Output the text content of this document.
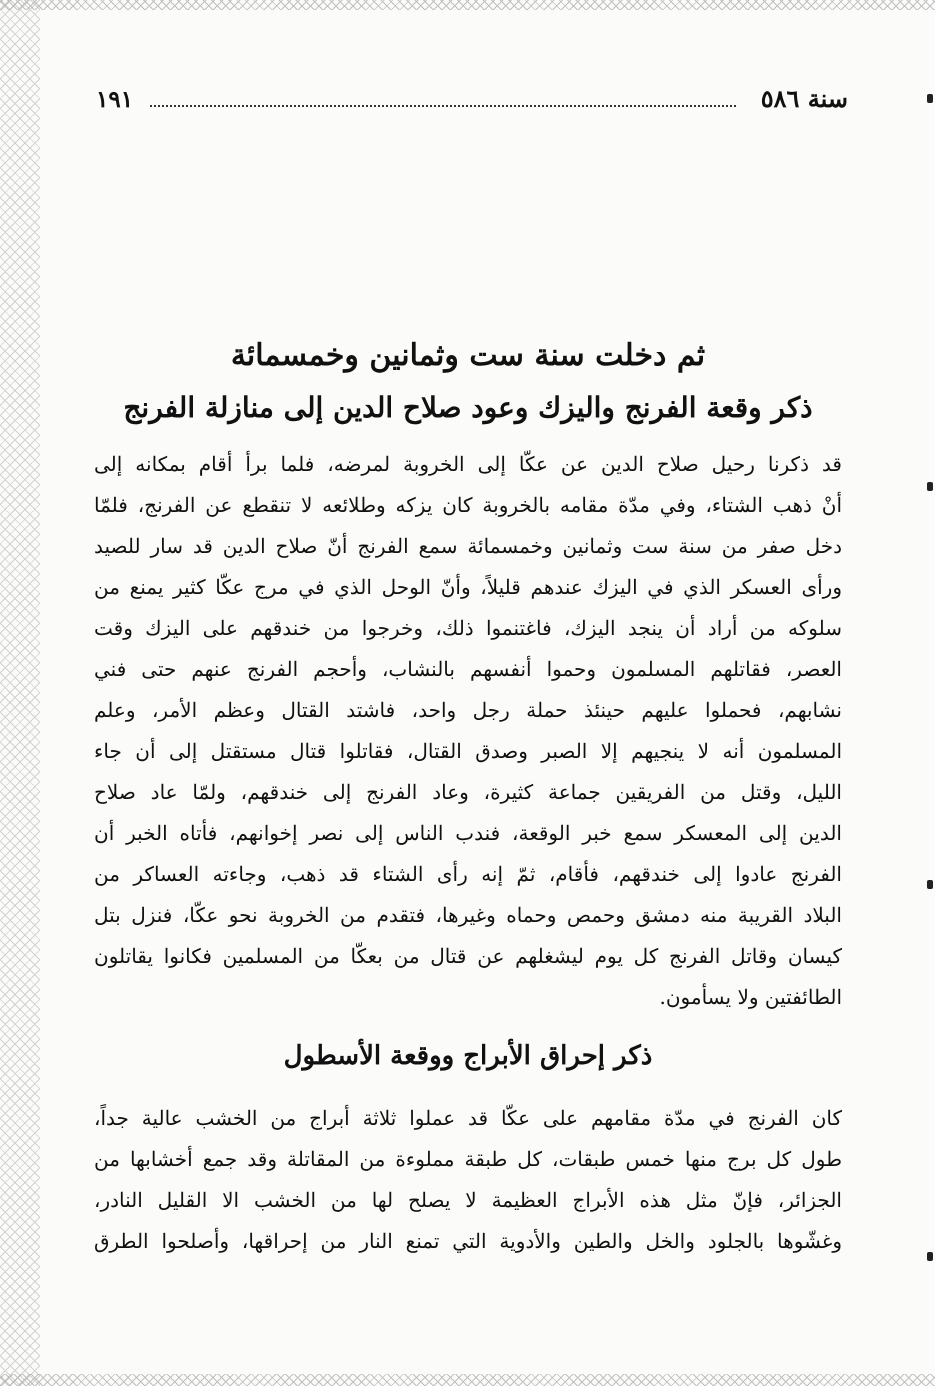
١٩١	سنة ٥٨٦
ثم دخلت سنة ست وثمانين وخمسمائة
ذكر وقعة الفرنج واليزك وعود صلاح الدين إلى منازلة الفرنج

قد ذكرنا رحيل صلاح الدين عن عكّا إلى الخروبة لمرضه، فلما برأ أقام بمكانه إلى
أنْ ذهب الشتاء، وفي مدّة مقامه بالخروبة كان يزكه وطلائعه لا تنقطع عن الفرنج، فلمّا
دخل صفر من سنة ست وثمانين وخمسمائة سمع الفرنج أنّ صلاح الدين قد سار للصيد
ورأى العسكر الذي في اليزك عندهم قليلاً، وأنّ الوحل الذي في مرج عكّا كثير يمنع من
سلوكه من أراد أن ينجد اليزك، فاغتنموا ذلك، وخرجوا من خندقهم على اليزك وقت
العصر، فقاتلهم المسلمون وحموا أنفسهم بالنشاب، وأحجم الفرنج عنهم حتى فني
نشابهم، فحملوا عليهم حينئذ حملة رجل واحد، فاشتد القتال وعظم الأمر، وعلم
المسلمون أنه لا ينجيهم إلا الصبر وصدق القتال، فقاتلوا قتال مستقتل إلى أن جاء
الليل، وقتل من الفريقين جماعة كثيرة، وعاد الفرنج إلى خندقهم، ولمّا عاد صلاح
الدين إلى المعسكر سمع خبر الوقعة، فندب الناس إلى نصر إخوانهم، فأتاه الخبر أن
الفرنج عادوا إلى خندقهم، فأقام، ثمّ إنه رأى الشتاء قد ذهب، وجاءته العساكر من
البلاد القريبة منه دمشق وحمص وحماه وغيرها، فتقدم من الخروبة نحو عكّا، فنزل بتل
كيسان وقاتل الفرنج كل يوم ليشغلهم عن قتال من بعكّا من المسلمين فكانوا يقاتلون
الطائفتين ولا يسأمون.

ذكر إحراق الأبراج ووقعة الأسطول

كان الفرنج في مدّة مقامهم على عكّا قد عملوا ثلاثة أبراج من الخشب عالية جداً،
طول كل برج منها خمس طبقات، كل طبقة مملوءة من المقاتلة وقد جمع أخشابها من
الجزائر، فإنّ مثل هذه الأبراج العظيمة لا يصلح لها من الخشب الا القليل النادر،
وغشّوها بالجلود والخل والطين والأدوية التي تمنع النار من إحراقها، وأصلحوا الطرق
